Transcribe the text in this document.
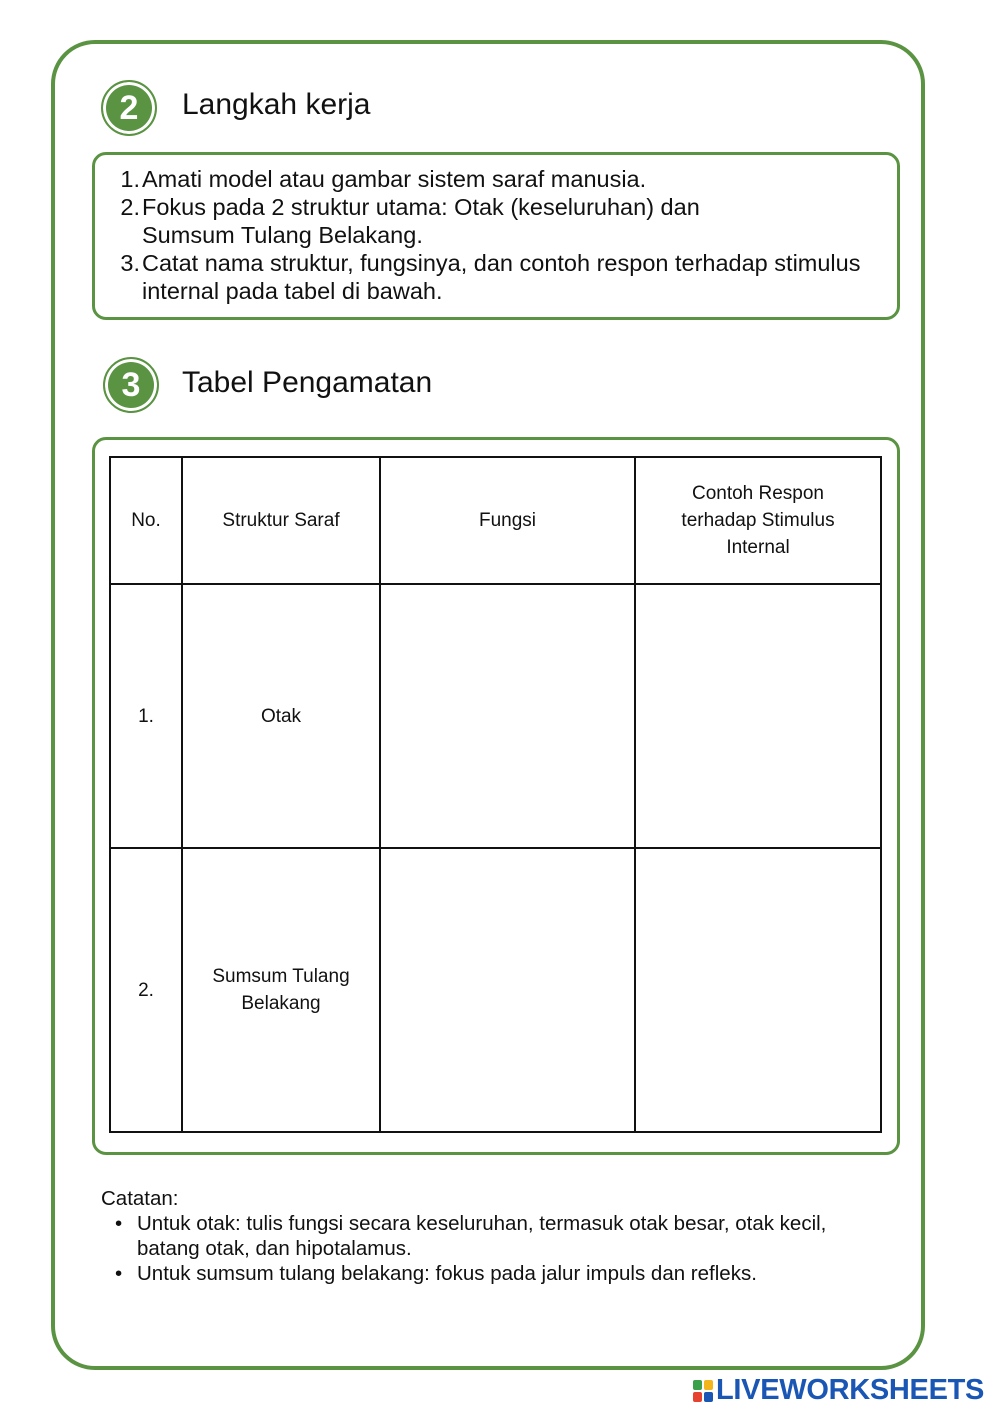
2 Langkah kerja
1. Amati model atau gambar sistem saraf manusia.
2. Fokus pada 2 struktur utama: Otak (keseluruhan) dan Sumsum Tulang Belakang.
3. Catat nama struktur, fungsinya, dan contoh respon terhadap stimulus internal pada tabel di bawah.
3 Tabel Pengamatan
No.	Struktur Saraf	Fungsi	Contoh Respon terhadap Stimulus Internal
1.	Otak		
2.	Sumsum Tulang Belakang		
Catatan:
• Untuk otak: tulis fungsi secara keseluruhan, termasuk otak besar, otak kecil, batang otak, dan hipotalamus.
• Untuk sumsum tulang belakang: fokus pada jalur impuls dan refleks.
LIVEWORKSHEETS
